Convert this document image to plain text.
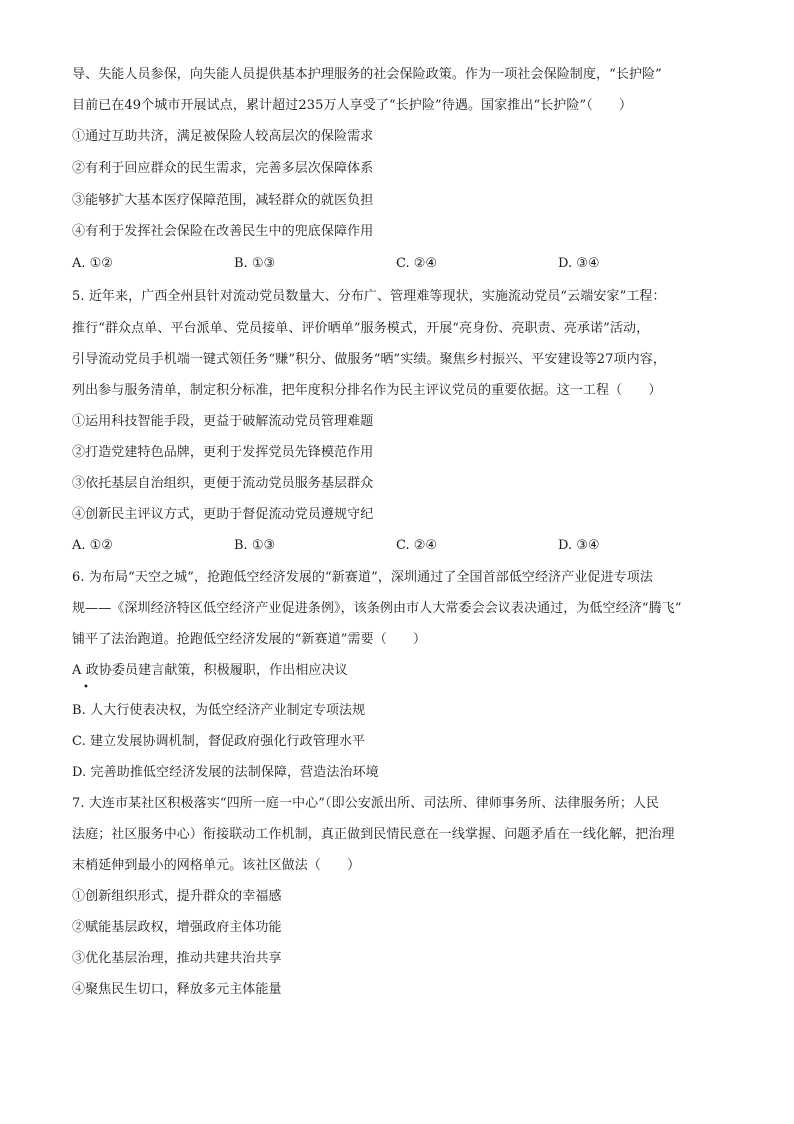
导、失能人员参保，向失能人员提供基本护理服务的社会保险政策。作为一项社会保险制度，“长护险”
目前已在49个城市开展试点，累计超过235万人享受了“长护险”待遇。国家推出“长护险”（　　）
①通过互助共济，满足被保险人较高层次的保险需求
②有利于回应群众的民生需求，完善多层次保障体系
③能够扩大基本医疗保障范围，减轻群众的就医负担
④有利于发挥社会保险在改善民生中的兜底保障作用
A. ①②	B. ①③	C. ②④	D. ③④
5. 近年来，广西全州县针对流动党员数量大、分布广、管理难等现状，实施流动党员“云端安家”工程：
推行“群众点单、平台派单、党员接单、评价晒单”服务模式，开展“亮身份、亮职责、亮承诺”活动，
引导流动党员手机端一键式领任务“赚”积分、做服务“晒”实绩。聚焦乡村振兴、平安建设等27项内容，
列出参与服务清单，制定积分标准，把年度积分排名作为民主评议党员的重要依据。这一工程（　　）
①运用科技智能手段，更益于破解流动党员管理难题
②打造党建特色品牌，更利于发挥党员先锋模范作用
③依托基层自治组织，更便于流动党员服务基层群众
④创新民主评议方式，更助于督促流动党员遵规守纪
A. ①②	B. ①③	C. ②④	D. ③④
6. 为布局“天空之城”，抢跑低空经济发展的“新赛道”，深圳通过了全国首部低空经济产业促进专项法
规——《深圳经济特区低空经济产业促进条例》，该条例由市人大常委会会议表决通过，为低空经济“腾飞”
铺平了法治跑道。抢跑低空经济发展的“新赛道”需要（　　）
A 政协委员建言献策，积极履职，作出相应决议
•
B. 人大行使表决权，为低空经济产业制定专项法规
C. 建立发展协调机制，督促政府强化行政管理水平
D. 完善助推低空经济发展的法制保障，营造法治环境
7. 大连市某社区积极落实“四所一庭一中心”（即公安派出所、司法所、律师事务所、法律服务所；人民
法庭；社区服务中心）衔接联动工作机制，真正做到民情民意在一线掌握、问题矛盾在一线化解，把治理
末梢延伸到最小的网格单元。该社区做法（　　）
①创新组织形式，提升群众的幸福感
②赋能基层政权，增强政府主体功能
③优化基层治理，推动共建共治共享
④聚焦民生切口，释放多元主体能量
